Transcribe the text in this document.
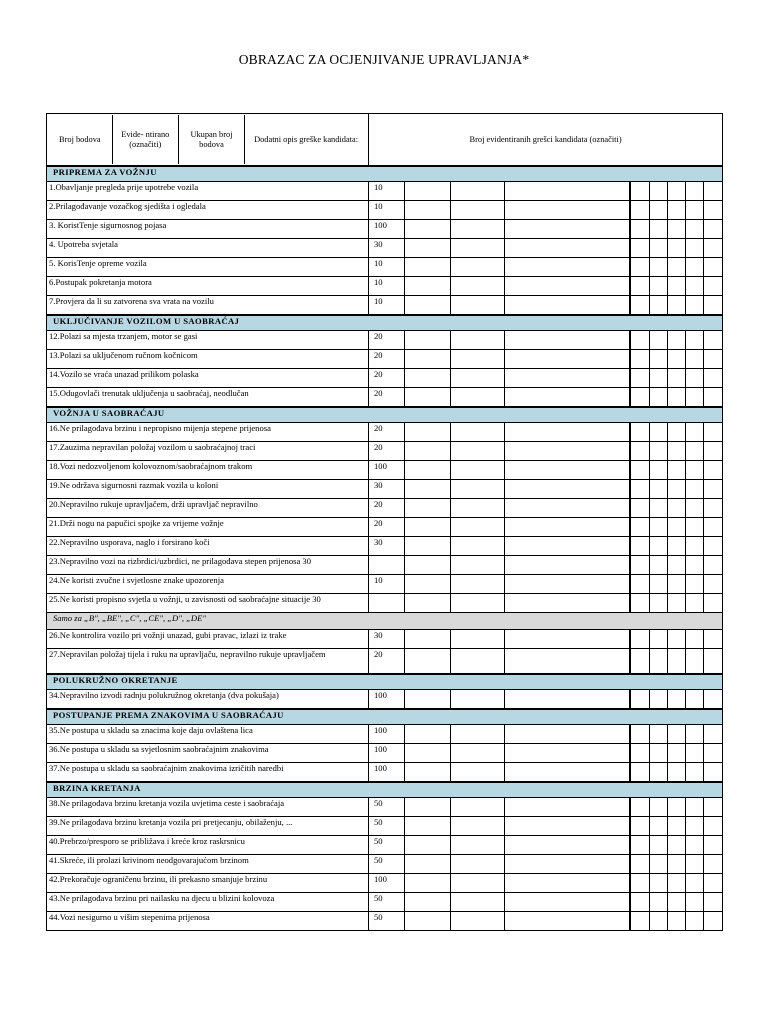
OBRAZAC ZA OCJENJIVANJE UPRAVLJANJA*
Broj bodova	Evide- ntirano (označiti)	Ukupan broj bodova	Dodatni opis greške kandidata:
		Broj evidentiranih grešci kandidata (označiti)
PRIPREMA ZA VOŽNJU
1.Obavljanje pregleda prije upotrebe vozila	10								
2.Prilagođavanje vozačkog sjedišta i ogledala	10								
3. KoristTenje sigurnosnog pojasa	100								
4. Upotreba svjetala	30								
5. KorisTenje opreme vozila	10								
6.Postupak pokretanja motora	10								
7.Provjera da li su zatvorena sva vrata na vozilu	10								
UKLJUČIVANJE VOZILOM U SAOBRAĆAJ
12.Polazi sa mjesta trzanjem, motor se gasi	20								
13.Polazi sa uključenom ručnom kočnicom	20								
14.Vozilo se vraća unazad prilikom polaska	20								
15.Odugovlači trenutak uključenja u saobraćaj, neodlučan	20								
VOŽNJA U SAOBRAĆAJU
16.Ne prilagođava brzinu i nepropisno mijenja stepene prijenosa	20								
17.Zauzima nepravilan položaj vozilom u saobraćajnoj traci	20								
18.Vozi nedozvoljenom kolovoznom/saobraćajnom trakom	100								
19.Ne održava sigurnosni razmak vozila u koloni	30								
20.Nepravilno rukuje upravljačem, drži upravljač nepravilno	20								
21.Drži nogu na papučici spojke za vrijeme vožnje	20								
22.Nepravilno usporava, naglo i forsirano koči	30								
23.Nepravilno vozi na rizbrdici/uzbrdici, ne prilagođava stepen prijenosa 30									
24.Ne koristi zvučne i svjetlosne znake upozorenja	10								
25.Ne koristi propisno svjetla u vožnji, u zavisnosti od saobraćajne situacije 30									
Samo za „B", „BE", „C", „CE", „D", „DE"
26.Ne kontrolira vozilo pri vožnji unazad, gubi pravac, izlazi iz trake	30								
27.Nepravilan položaj tijela i ruku na upravljaču, nepravilno rukuje upravljačem	20								
POLUKRUŽNO OKRETANJE
34.Nepravilno izvodi radnju polukružnog okretanja (dva pokušaja)	100								
POSTUPANJE PREMA ZNAKOVIMA U SAOBRAĆAJU
35.Ne postupa u skladu sa znacima koje daju ovlaštena lica	100								
36.Ne postupa u skladu sa svjetlosnim saobraćajnim znakovima	100								
37.Ne postupa u skladu sa saobraćajnim znakovima izričitih naredbi	100								
BRZINA KRETANJA
38.Ne prilagođava brzinu kretanja vozila uvjetima ceste i saobraćaja	50								
39.Ne prilagođava brzinu kretanja vozila pri pretjecanju, obilaženju, ...	50								
40.Prebrzo/presporo se približava i kreće kroz raskrsnicu	50								
41.Skreće, ili prolazi krivinom neodgovarajućom brzinom	50								
42.Prekoračuje ograničenu brzinu, ili prekasno smanjuje brzinu	100								
43.Ne prilagođava brzinu pri nailasku na djecu u blizini kolovoza	50								
44.Vozi nesigurno u višim stepenima prijenosa	50								
